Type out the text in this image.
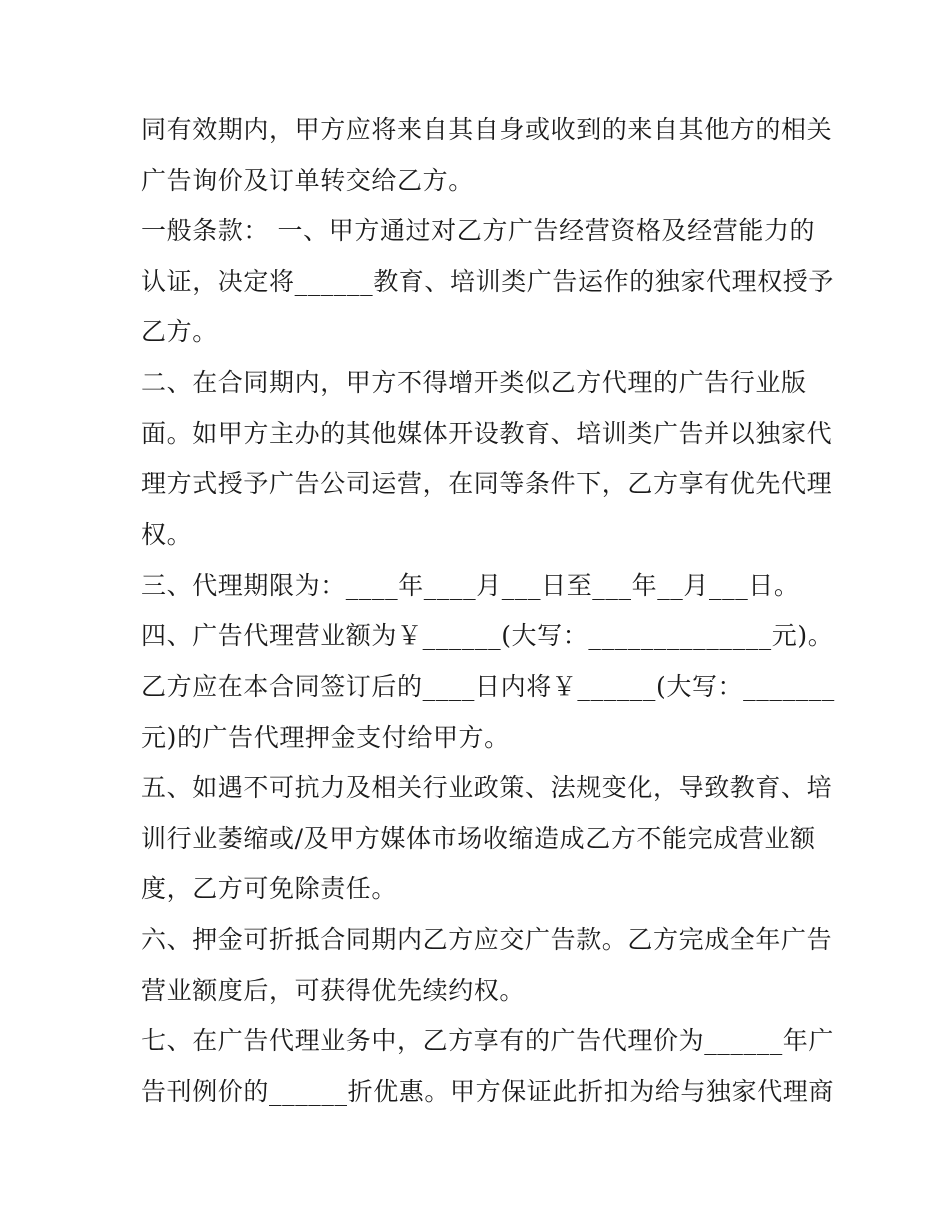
同有效期内，甲方应将来自其自身或收到的来自其他方的相关
广告询价及订单转交给乙方。
一般条款： 一、甲方通过对乙方广告经营资格及经营能力的
认证，决定将______教育、培训类广告运作的独家代理权授予
乙方。
二、在合同期内，甲方不得增开类似乙方代理的广告行业版
面。如甲方主办的其他媒体开设教育、培训类广告并以独家代
理方式授予广告公司运营，在同等条件下，乙方享有优先代理
权。
三、代理期限为：____年____月___日至___年__月___日。
四、广告代理营业额为￥______(大写：______________元)。
乙方应在本合同签订后的____日内将￥______(大写：_______
元)的广告代理押金支付给甲方。
五、如遇不可抗力及相关行业政策、法规变化，导致教育、培
训行业萎缩或/及甲方媒体市场收缩造成乙方不能完成营业额
度，乙方可免除责任。
六、押金可折抵合同期内乙方应交广告款。乙方完成全年广告
营业额度后，可获得优先续约权。
七、在广告代理业务中，乙方享有的广告代理价为______年广
告刊例价的______折优惠。甲方保证此折扣为给与独家代理商
